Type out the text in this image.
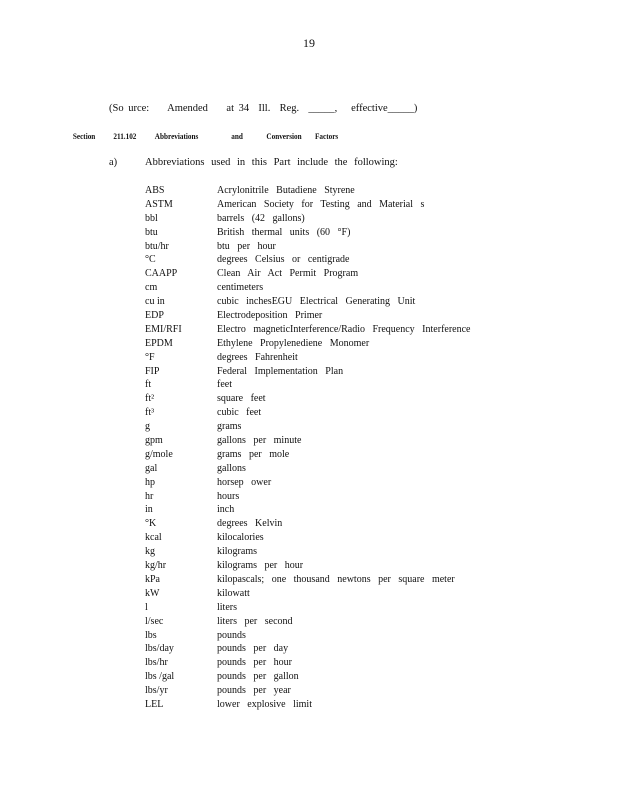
19
(So urce:    Amended    at 34  Ill.  Reg.  _____,   effective_____)
Section 211.102 Abbreviations	and	Conversion Factors
a)	Abbreviations used in this Part include the following:
ABS	Acrylonitrile Butadiene Styrene
ASTM	American Society for Testing and Material s
bbl	barrels (42 gallons)
btu	British thermal units (60 °F)
btu/hr	btu per hour
°C	degrees Celsius or centigrade
CAAPP	Clean Air Act Permit Program
cm	centimeters
cu in	cubic inchesEGU Electrical Generating Unit
EDP	Electrodeposition Primer
EMI/RFI	Electro magneticInterference/Radio Frequency Interference
EPDM	Ethylene Propylenediene Monomer
°F	degrees Fahrenheit
FIP	Federal Implementation Plan
ft	feet
ft²	square feet
ft³	cubic feet
g	grams
gpm	gallons per minute
g/mole	grams per mole
gal	gallons
hp	horsep ower
hr	hours
in	inch
°K	degrees Kelvin
kcal	kilocalories
kg	kilograms
kg/hr	kilograms per hour
kPa	kilopascals; one thousand newtons per square meter
kW	kilowatt
l	liters
l/sec	liters per second
lbs	pounds
lbs/day	pounds per day
lbs/hr	pounds per hour
lbs /gal	pounds per gallon
lbs/yr	pounds per year
LEL	lower explosive limit
